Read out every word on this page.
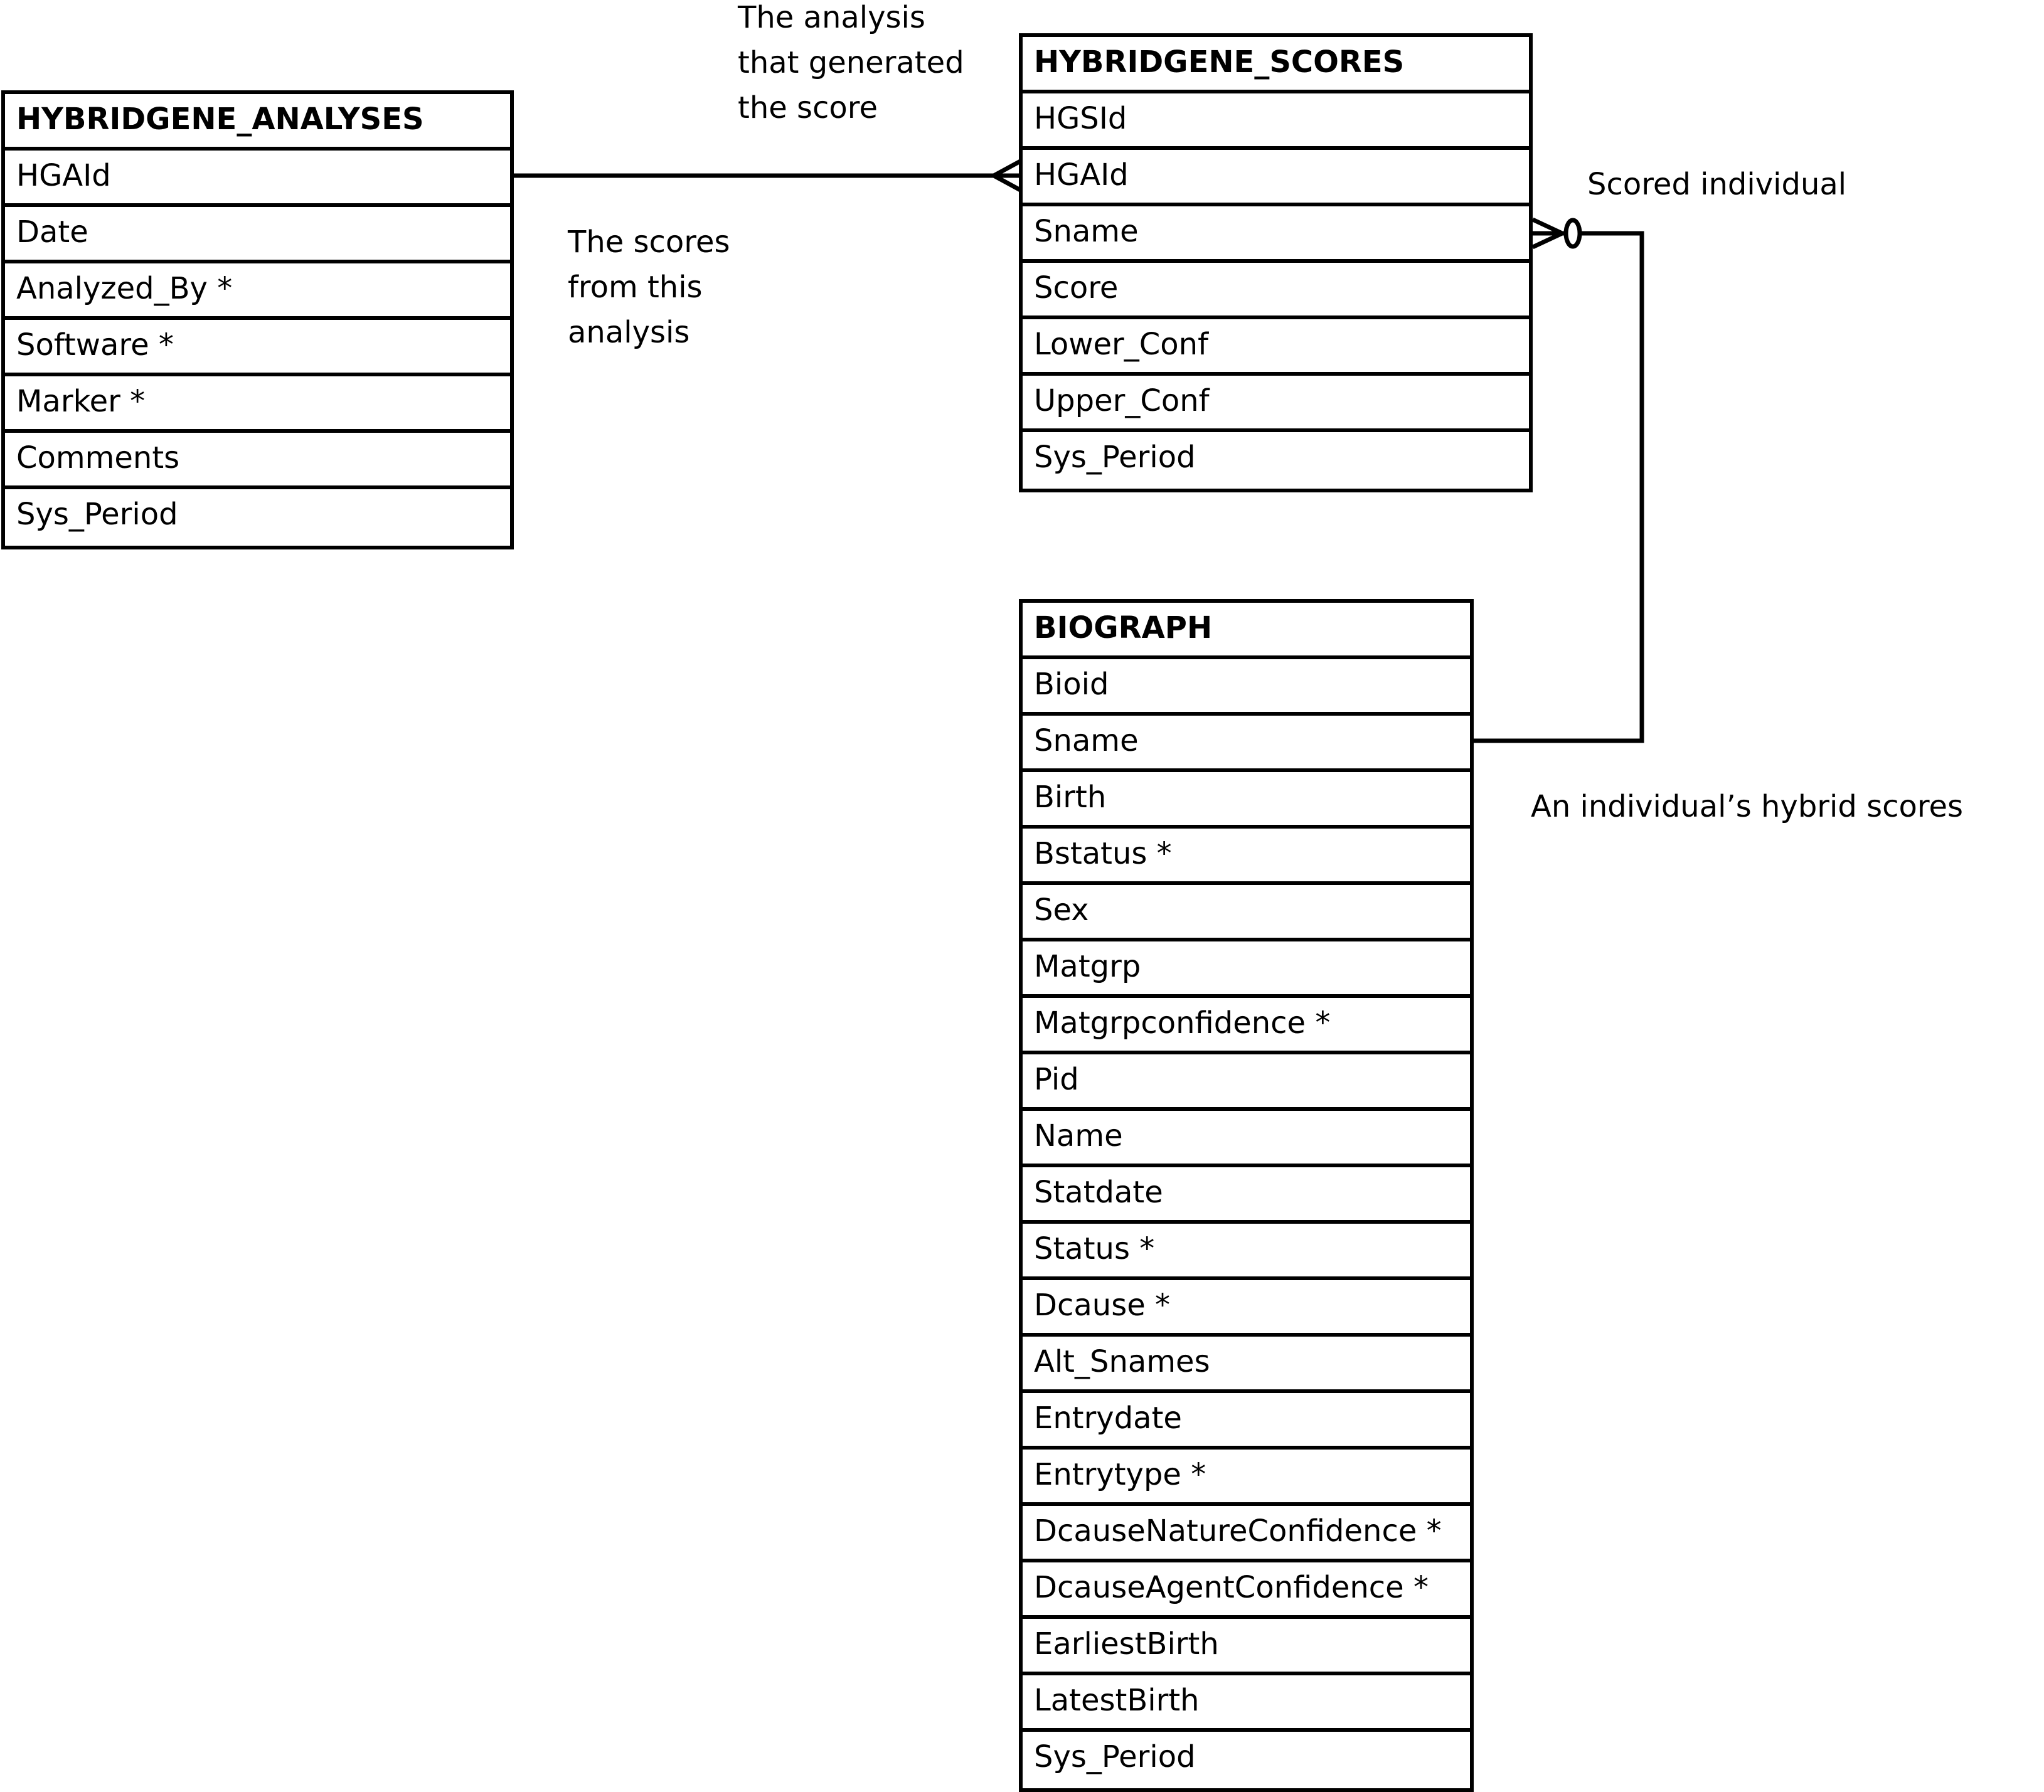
HYBRIDGENE_ANALYSES
HGAId
Date
Analyzed_By *
Software *
Marker *
Comments
Sys_Period
HYBRIDGENE_SCORES
HGSId
HGAId
Sname
Score
Lower_Conf
Upper_Conf
Sys_Period
BIOGRAPH
Bioid
Sname
Birth
Bstatus *
Sex
Matgrp
Matgrpconfidence *
Pid
Name
Statdate
Status *
Dcause *
Alt_Snames
Entrydate
Entrytype *
DcauseNatureConfidence *
DcauseAgentConfidence *
EarliestBirth
LatestBirth
Sys_Period
The analysis
that generated
the score
The scores
from this
analysis
Scored individual
An individual’s hybrid scores
